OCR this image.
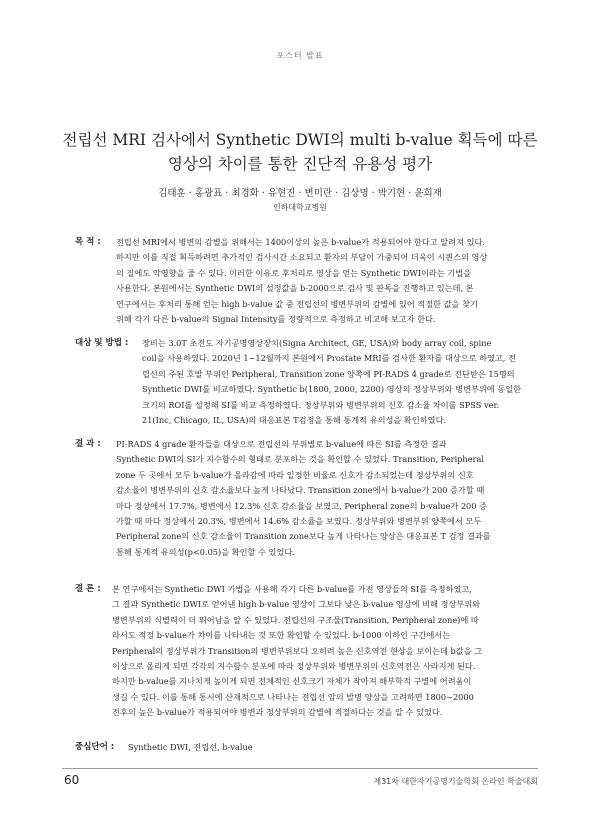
포스터 발표
전립선 MRI 검사에서 Synthetic DWI의 multi b-value 획득에 따른
영상의 차이를 통한 진단적 유용성 평가
김태훈 · 홍광표 · 최경화 · 유현진 · 변미란 · 김상명 · 박기현 · 윤희재
인하대학교병원
목 적 :	전립선 MRI에서 병변의 감별을 위해서는 1400이상의 높은 b-value가 적용되어야 한다고 알려져 있다.
하지만 이를 직접 획득하려면 추가적인 검사시간 소요되고 환자의 부담이 가중되어 더욱이 시퀀스의 영상
의 질에도 악영향을 줄 수 있다. 이러한 이유로 후처리로 영상을 얻는 Synthetic DWI이라는 기법을
사용한다. 본원에서는 Synthetic DWI의 설정값을 b-2000으로 검사 및 판독을 진행하고 있는데, 본
연구에서는 후처리 통해 얻는 high b-value 값 중 전립선의 병변부위의 감별에 있어 적절한 값을 찾기
위해 각기 다른 b-value의 Signal Intensity를 정량적으로 측정하고 비교해 보고자 한다.
대상 및 방법 :	장비는 3.0T 초전도 자기공명영상장치(Signa Architect, GE, USA)와 body array coil, spine
coil을 사용하였다. 2020년 1~12월까지 본원에서 Prostate MRI를 검사한 환자를 대상으로 하였고, 전
립선의 주된 호발 부위인 Peripheral, Transition zone 양쪽에 PI-RADS 4 grade로 진단받은 15명의
Synthetic DWI를 비교하였다. Synthetic b(1800, 2000, 2200) 영상의 정상부위와 병변부위에 동일한
크기의 ROI를 설정해 SI를 비교 측정하였다. 정상부위와 병변부위의 신호 감소율 차이를 SPSS ver.
21(Inc, Chicago, IL, USA)의 대응표본 T검정을 통해 통계적 유의성을 확인하였다.
결 과 :	PI-RADS 4 grade 환자들을 대상으로 전립선의 부위별로 b-value에 따른 SI를 측정한 결과
Synthetic DWI의 SI가 지수함수의 형태로 분포하는 것을 확인할 수 있었다. Transition, Peripheral
zone 두 곳에서 모두 b-value가 올라감에 따라 일정한 비율로 신호가 감소되었는데 정상부위의 신호
감소율이 병변부위의 신호 감소율보다 높게 나타났다. Transition zone에서 b-value가 200 증가할 때
마다 정상에서 17.7%, 병변에서 12.3% 신호 감소율을 보였고, Peripheral zone의 b-value가 200 증
가할 때 마다 정상에서 20.3%, 병변에서 14.6% 감소율을 보였다. 정상부위와 병변부위 양쪽에서 모두
Peripheral zone의 신호 감소율이 Transition zone보다 높게 나타나는 양상은 대응표본 T 검정 결과를
통해 통계적 유의성(p<0.05)을 확인할 수 있었다.
결 론 :	본 연구에서는 Synthetic DWI 기법을 사용해 각기 다른 b-value를 가진 영상들의 SI를 측정하였고,
그 결과 Synthetic DWI로 얻어낸 high b-value 영상이 그보다 낮은 b-value 영상에 비해 정상부위와
병변부위의 식별력이 더 뛰어남을 알 수 있었다. 전립선의 구조물(Transition, Peripheral zone)에 따
라서도 적정 b-value가 차이를 나타내는 것 또한 확인할 수 있었다. b-1000 이하인 구간에서는
Peripheral의 정상부위가 Transition의 병변부위보다 오히려 높은 신호역전 현상을 보이는데 b값을 그
이상으로 올리게 되면 각각의 지수함수 분포에 따라 정상부위와 병변부위의 신호역전은 사라지게 된다.
하지만 b-value를 지나치게 높이게 되면 전체적인 신호크기 자체가 작아져 해부학적 구별에 어려움이
생길 수 있다. 이를 통해 통시에 산재적으로 나타나는 전립선 암의 발병 양상을 고려하면 1800~2000
전후의 높은 b-value가 적용되어야 병변과 정상부위의 감별에 적절하다는 것을 알 수 있었다.
중심단어 :	Synthetic DWI, 전립선, b-value
60	제31차 대한자기공명기술학회 온라인 학술대회
